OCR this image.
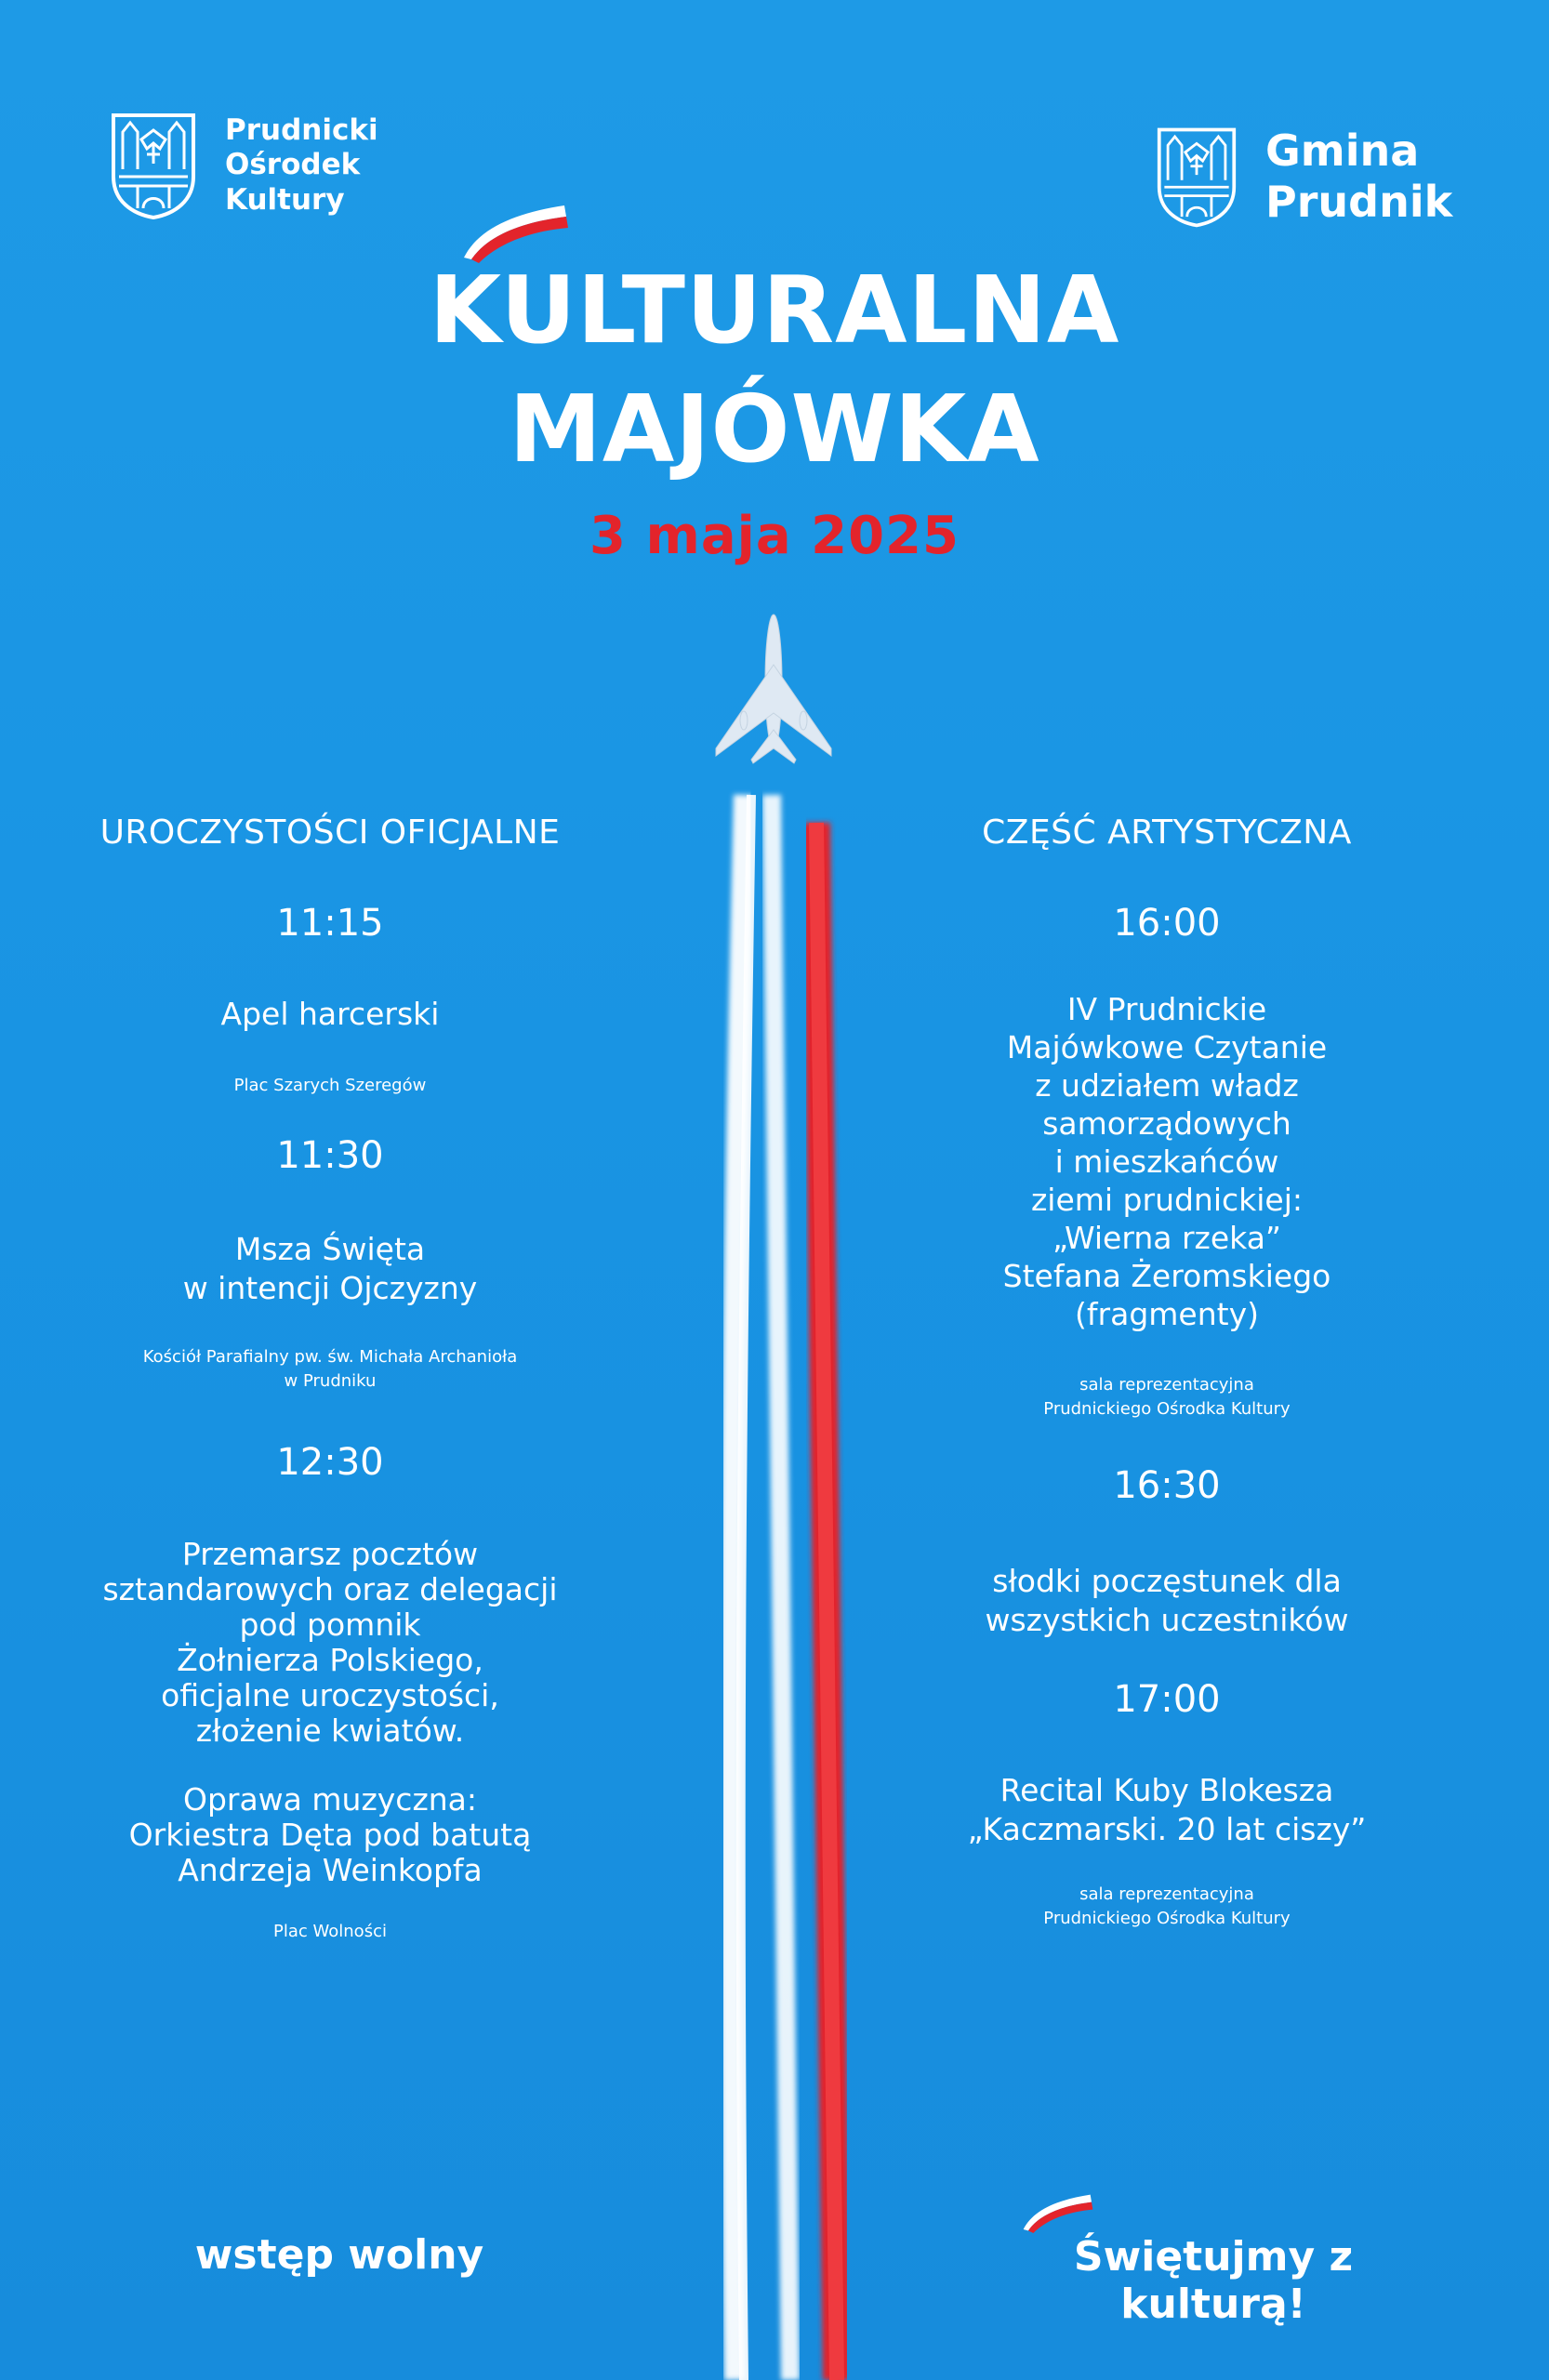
Prudnicki
Ośrodek
Kultury
Gmina
Prudnik
KULTURALNA
MAJÓWKA
3 maja 2025
UROCZYSTOŚCI OFICJALNE
11:15
Apel harcerski
Plac Szarych Szeregów
11:30
Msza Święta
w intencji Ojczyzny
Kościół Parafialny pw. św. Michała Archanioła
w Prudniku
12:30
Przemarsz pocztów
sztandarowych oraz delegacji
pod pomnik
Żołnierza Polskiego,
oficjalne uroczystości,
złożenie kwiatów.
Oprawa muzyczna:
Orkiestra Dęta pod batutą
Andrzeja Weinkopfa
Plac Wolności
CZĘŚĆ ARTYSTYCZNA
16:00
IV Prudnickie
Majówkowe Czytanie
z udziałem władz
samorządowych
i mieszkańców
ziemi prudnickiej:
„Wierna rzeka”
Stefana Żeromskiego
(fragmenty)
sala reprezentacyjna
Prudnickiego Ośrodka Kultury
16:30
słodki poczęstunek dla
wszystkich uczestników
17:00
Recital Kuby Blokesza
„Kaczmarski. 20 lat ciszy”
sala reprezentacyjna
Prudnickiego Ośrodka Kultury
wstęp wolny	Świętujmy z kulturą!
